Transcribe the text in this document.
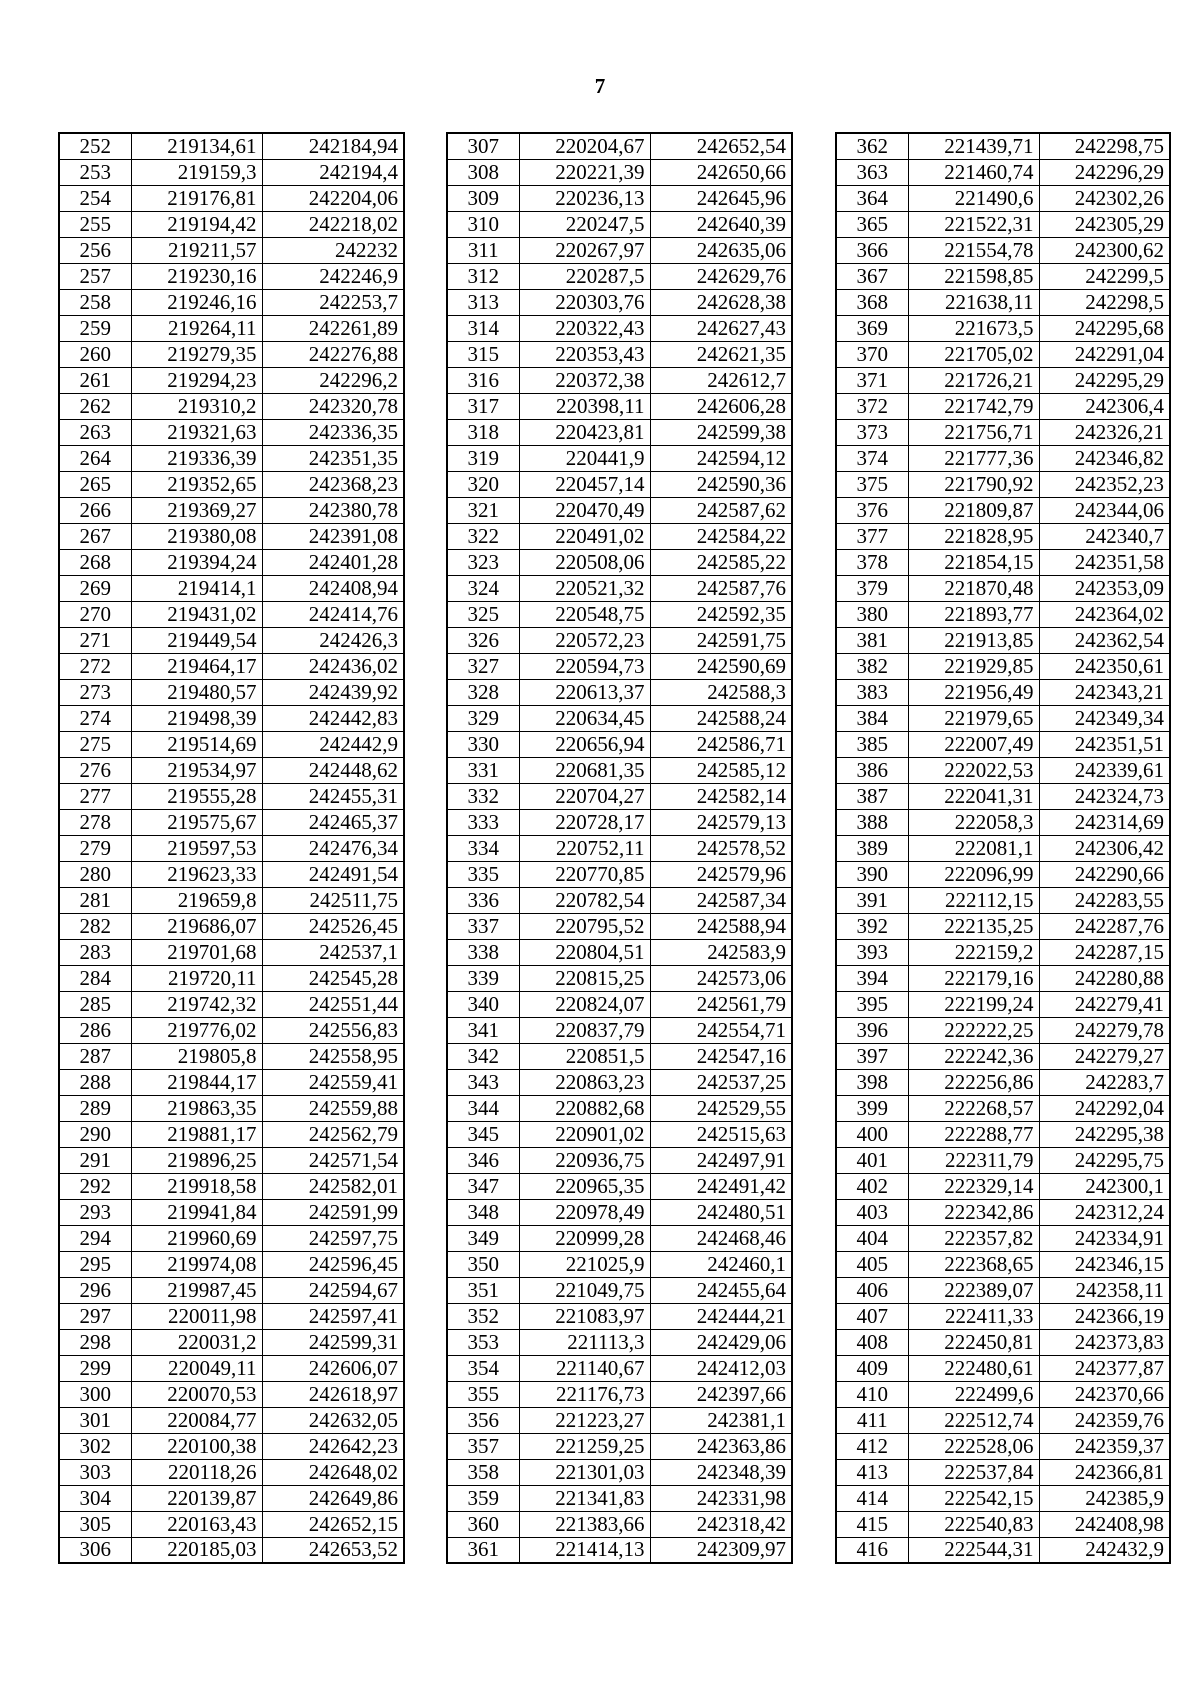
7
252	219134,61	242184,94
253	219159,3	242194,4
254	219176,81	242204,06
255	219194,42	242218,02
256	219211,57	242232
257	219230,16	242246,9
258	219246,16	242253,7
259	219264,11	242261,89
260	219279,35	242276,88
261	219294,23	242296,2
262	219310,2	242320,78
263	219321,63	242336,35
264	219336,39	242351,35
265	219352,65	242368,23
266	219369,27	242380,78
267	219380,08	242391,08
268	219394,24	242401,28
269	219414,1	242408,94
270	219431,02	242414,76
271	219449,54	242426,3
272	219464,17	242436,02
273	219480,57	242439,92
274	219498,39	242442,83
275	219514,69	242442,9
276	219534,97	242448,62
277	219555,28	242455,31
278	219575,67	242465,37
279	219597,53	242476,34
280	219623,33	242491,54
281	219659,8	242511,75
282	219686,07	242526,45
283	219701,68	242537,1
284	219720,11	242545,28
285	219742,32	242551,44
286	219776,02	242556,83
287	219805,8	242558,95
288	219844,17	242559,41
289	219863,35	242559,88
290	219881,17	242562,79
291	219896,25	242571,54
292	219918,58	242582,01
293	219941,84	242591,99
294	219960,69	242597,75
295	219974,08	242596,45
296	219987,45	242594,67
297	220011,98	242597,41
298	220031,2	242599,31
299	220049,11	242606,07
300	220070,53	242618,97
301	220084,77	242632,05
302	220100,38	242642,23
303	220118,26	242648,02
304	220139,87	242649,86
305	220163,43	242652,15
306	220185,03	242653,52
307	220204,67	242652,54
308	220221,39	242650,66
309	220236,13	242645,96
310	220247,5	242640,39
311	220267,97	242635,06
312	220287,5	242629,76
313	220303,76	242628,38
314	220322,43	242627,43
315	220353,43	242621,35
316	220372,38	242612,7
317	220398,11	242606,28
318	220423,81	242599,38
319	220441,9	242594,12
320	220457,14	242590,36
321	220470,49	242587,62
322	220491,02	242584,22
323	220508,06	242585,22
324	220521,32	242587,76
325	220548,75	242592,35
326	220572,23	242591,75
327	220594,73	242590,69
328	220613,37	242588,3
329	220634,45	242588,24
330	220656,94	242586,71
331	220681,35	242585,12
332	220704,27	242582,14
333	220728,17	242579,13
334	220752,11	242578,52
335	220770,85	242579,96
336	220782,54	242587,34
337	220795,52	242588,94
338	220804,51	242583,9
339	220815,25	242573,06
340	220824,07	242561,79
341	220837,79	242554,71
342	220851,5	242547,16
343	220863,23	242537,25
344	220882,68	242529,55
345	220901,02	242515,63
346	220936,75	242497,91
347	220965,35	242491,42
348	220978,49	242480,51
349	220999,28	242468,46
350	221025,9	242460,1
351	221049,75	242455,64
352	221083,97	242444,21
353	221113,3	242429,06
354	221140,67	242412,03
355	221176,73	242397,66
356	221223,27	242381,1
357	221259,25	242363,86
358	221301,03	242348,39
359	221341,83	242331,98
360	221383,66	242318,42
361	221414,13	242309,97
362	221439,71	242298,75
363	221460,74	242296,29
364	221490,6	242302,26
365	221522,31	242305,29
366	221554,78	242300,62
367	221598,85	242299,5
368	221638,11	242298,5
369	221673,5	242295,68
370	221705,02	242291,04
371	221726,21	242295,29
372	221742,79	242306,4
373	221756,71	242326,21
374	221777,36	242346,82
375	221790,92	242352,23
376	221809,87	242344,06
377	221828,95	242340,7
378	221854,15	242351,58
379	221870,48	242353,09
380	221893,77	242364,02
381	221913,85	242362,54
382	221929,85	242350,61
383	221956,49	242343,21
384	221979,65	242349,34
385	222007,49	242351,51
386	222022,53	242339,61
387	222041,31	242324,73
388	222058,3	242314,69
389	222081,1	242306,42
390	222096,99	242290,66
391	222112,15	242283,55
392	222135,25	242287,76
393	222159,2	242287,15
394	222179,16	242280,88
395	222199,24	242279,41
396	222222,25	242279,78
397	222242,36	242279,27
398	222256,86	242283,7
399	222268,57	242292,04
400	222288,77	242295,38
401	222311,79	242295,75
402	222329,14	242300,1
403	222342,86	242312,24
404	222357,82	242334,91
405	222368,65	242346,15
406	222389,07	242358,11
407	222411,33	242366,19
408	222450,81	242373,83
409	222480,61	242377,87
410	222499,6	242370,66
411	222512,74	242359,76
412	222528,06	242359,37
413	222537,84	242366,81
414	222542,15	242385,9
415	222540,83	242408,98
416	222544,31	242432,9
